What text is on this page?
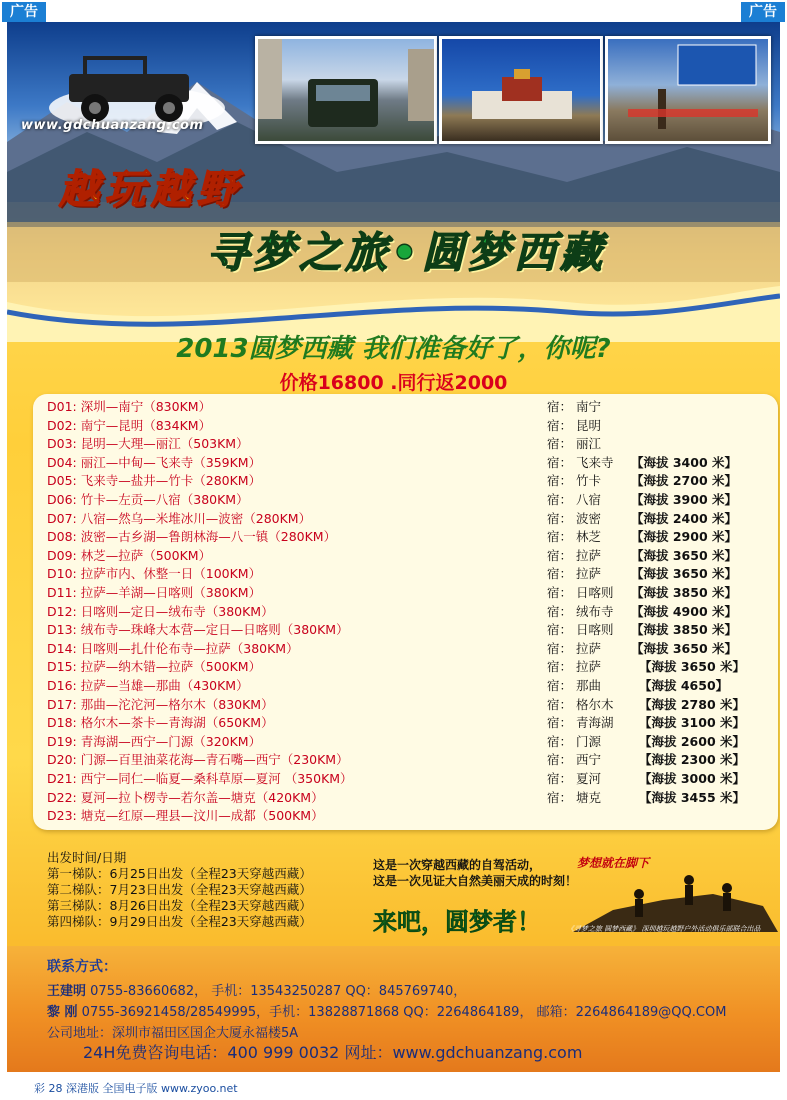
广告	广告
www.gdchuanzang.com
越玩越野
寻梦之旅•圆梦西藏
2013圆梦西藏 我们准备好了，你呢?
价格16800 .同行返2000
D01: 深圳—南宁（830KM）	宿： 南宁
D02: 南宁—昆明（834KM）	宿： 昆明
D03: 昆明—大理—丽江（503KM）	宿： 丽江
D04: 丽江—中甸—飞来寺（359KM）	宿： 飞来寺 【海拔 3400 米】
D05: 飞来寺—盐井—竹卡（280KM）	宿： 竹卡 【海拔 2700 米】
D06: 竹卡—左贡—八宿（380KM）	宿： 八宿 【海拔 3900 米】
D07: 八宿—然乌—米堆冰川—波密（280KM）	宿： 波密 【海拔 2400 米】
D08: 波密—古乡湖—鲁朗林海—八一镇（280KM）	宿： 林芝 【海拔 2900 米】
D09: 林芝—拉萨（500KM）	宿： 拉萨 【海拔 3650 米】
D10: 拉萨市内、休整一日（100KM）	宿： 拉萨 【海拔 3650 米】
D11: 拉萨—羊湖—日喀则（380KM）	宿： 日喀则 【海拔 3850 米】
D12: 日喀则—定日—绒布寺（380KM）	宿： 绒布寺 【海拔 4900 米】
D13: 绒布寺—珠峰大本营—定日—日喀则（380KM）	宿： 日喀则 【海拔 3850 米】
D14: 日喀则—扎什伦布寺—拉萨（380KM）	宿： 拉萨 【海拔 3650 米】
D15: 拉萨—纳木错—拉萨（500KM）	宿： 拉萨	【海拔 3650 米】
D16: 拉萨—当雄—那曲（430KM）	宿： 那曲	【海拔 4650】
D17: 那曲—沱沱河—格尔木（830KM）	宿： 格尔木 【海拔 2780 米】
D18: 格尔木—茶卡—青海湖（650KM）	宿： 青海湖 【海拔 3100 米】
D19: 青海湖—西宁—门源（320KM）	宿： 门源	【海拔 2600 米】
D20: 门源—百里油菜花海—青石嘴—西宁（230KM）	宿： 西宁	【海拔 2300 米】
D21: 西宁—同仁—临夏—桑科草原—夏河 （350KM）	宿： 夏河	【海拔 3000 米】
D22: 夏河—拉卜楞寺—若尔盖—塘克（420KM）	宿： 塘克	【海拔 3455 米】
D23: 塘克—红原—理县—汶川—成都（500KM）
出发时间/日期
第一梯队：6月25日出发（全程23天穿越西藏）
第二梯队：7月23日出发（全程23天穿越西藏）
第三梯队：8月26日出发（全程23天穿越西藏）
第四梯队：9月29日出发（全程23天穿越西藏）
这是一次穿越西藏的自驾活动，
这是一次见证大自然美丽天成的时刻！
来吧，圆梦者！
梦想就在脚下
《寻梦之旅 圆梦西藏》 深圳越玩越野户外活动俱乐部联合出品
联系方式：
王建明 0755-83660682， 手机：13543250287 QQ：845769740，
黎 刚 0755-36921458/28549995，手机：13828871868 QQ：2264864189， 邮箱：2264864189@QQ.COM
公司地址：深圳市福田区国企大厦永福楼5A
24H免费咨询电话：400 999 0032 网址：www.gdchuanzang.com
彩 28 深港版 全国电子版 www.zyoo.net
